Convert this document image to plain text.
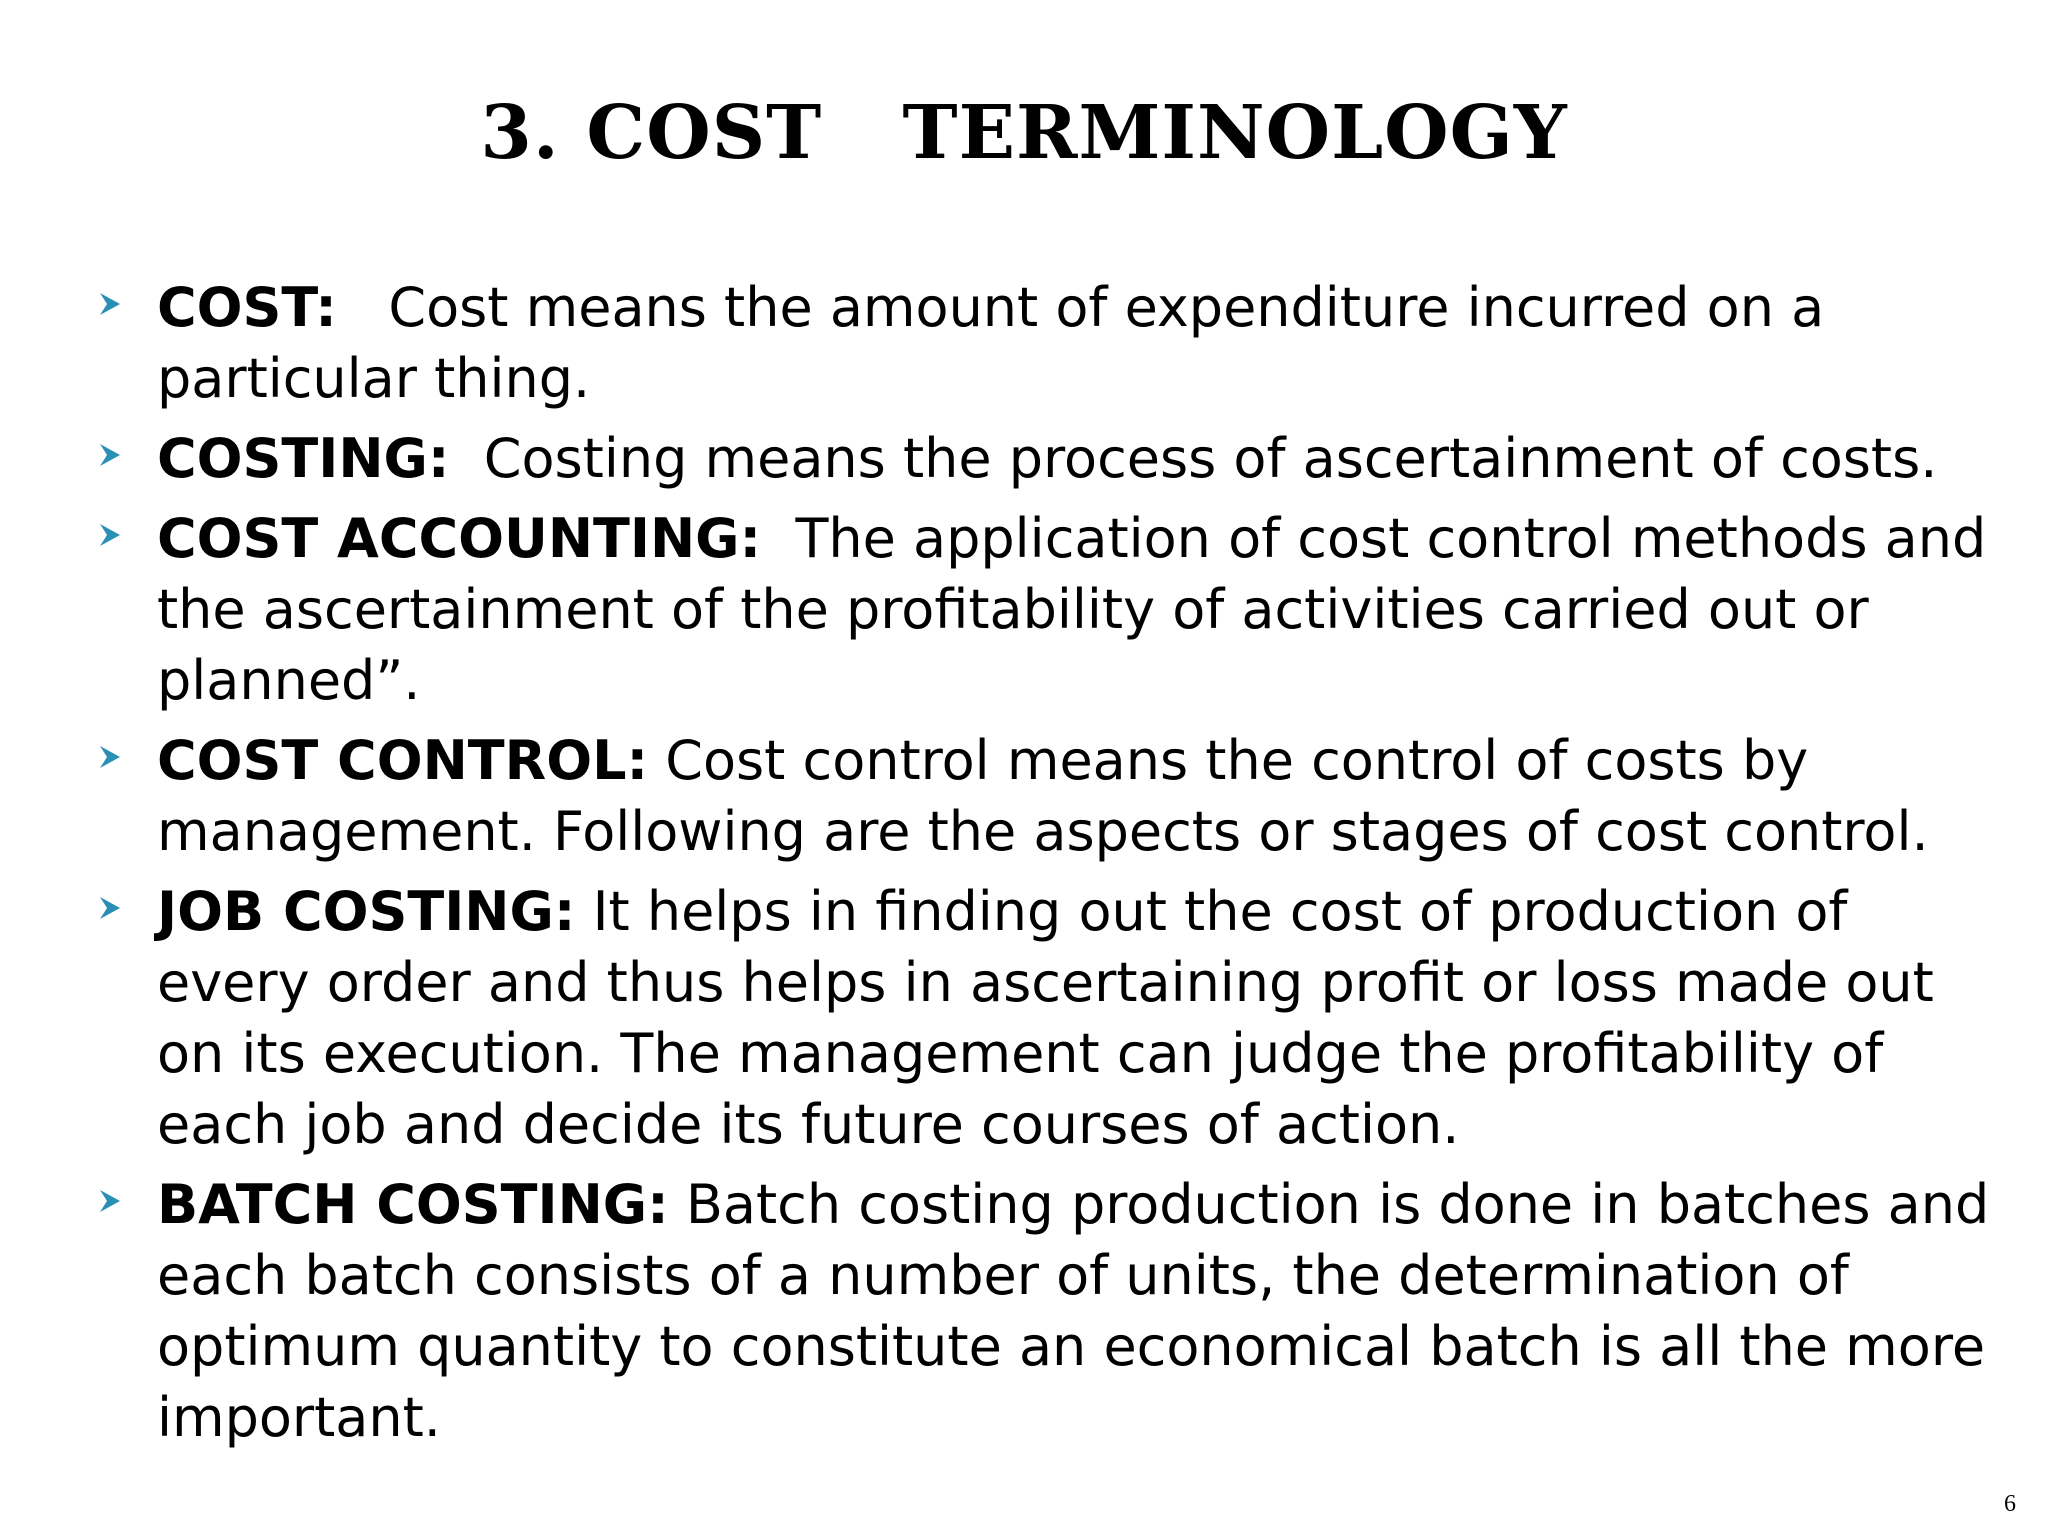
3. COST   TERMINOLOGY
COST:   Cost means the amount of expenditure incurred on a particular thing.
COSTING:  Costing means the process of ascertainment of costs.
COST ACCOUNTING:  The application of cost control methods and the ascertainment of the profitability of activities carried out or planned”.
COST CONTROL: Cost control means the control of costs by management. Following are the aspects or stages of cost control.
JOB COSTING: It helps in finding out the cost of production of every order and thus helps in ascertaining profit or loss made out on its execution. The management can judge the profitability of each job and decide its future courses of action.
BATCH COSTING: Batch costing production is done in batches and each batch consists of a number of units, the determination of optimum quantity to constitute an economical batch is all the more important.
6
